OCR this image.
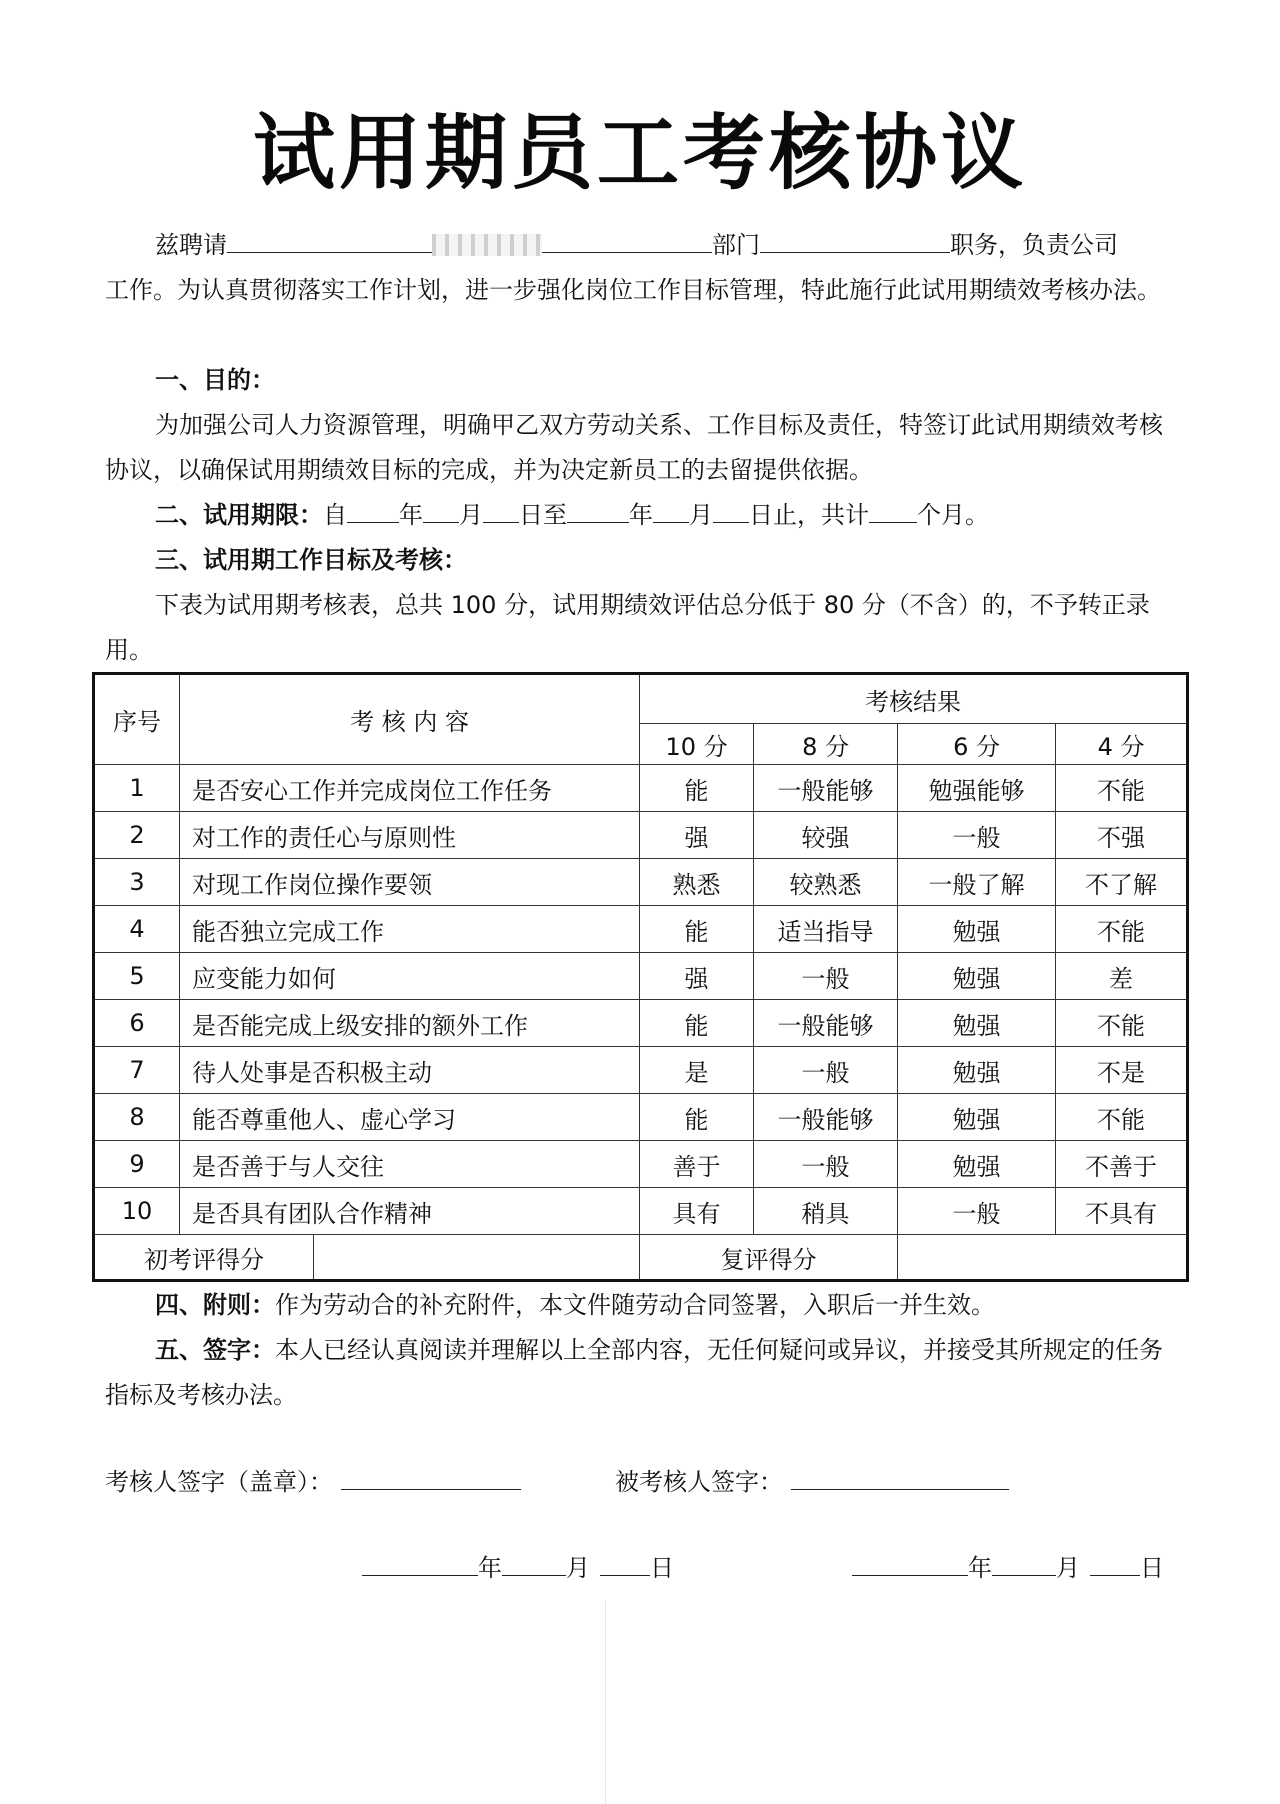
试用期员工考核协议

兹聘请	部门	职务，负责公司
工作。为认真贯彻落实工作计划，进一步强化岗位工作目标管理，特此施行此试用期绩效考核办法。

一、目的：
为加强公司人力资源管理，明确甲乙双方劳动关系、工作目标及责任，特签订此试用期绩效考核协议，以确保试用期绩效目标的完成，并为决定新员工的去留提供依据。

二、试用期限：自 年 月 日至	年 月 日止，共计 个月。

三、试用期工作目标及考核：
下表为试用期考核表，总共 100 分，试用期绩效评估总分低于 80 分（不含）的，不予转正录用。

序号	考 核 内 容		考核结果			
			10 分	8 分	6 分	4 分
1	是否安心工作并完成岗位工作任务		能	一般能够	勉强能够	不能
2	对工作的责任心与原则性		强	较强	一般	不强
3	对现工作岗位操作要领		熟悉	较熟悉	一般了解	不了解
4	能否独立完成工作		能	适当指导	勉强	不能
5	应变能力如何		强	一般	勉强	差
6	是否能完成上级安排的额外工作		能	一般能够	勉强	不能
7	待人处事是否积极主动		是	一般	勉强	不是
8	能否尊重他人、虚心学习		能	一般能够	勉强	不能
9	是否善于与人交往		善于	一般	勉强	不善于
10	是否具有团队合作精神		具有	稍具	一般	不具有
初考评得分			复评得分			

四、附则：作为劳动合的补充附件，本文件随劳动合同签署，入职后一并生效。

五、签字：本人已经认真阅读并理解以上全部内容，无任何疑问或异议，并接受其所规定的任务指标及考核办法。

考核人签字（盖章）：	被考核人签字：
年	月	日	年	月	日
